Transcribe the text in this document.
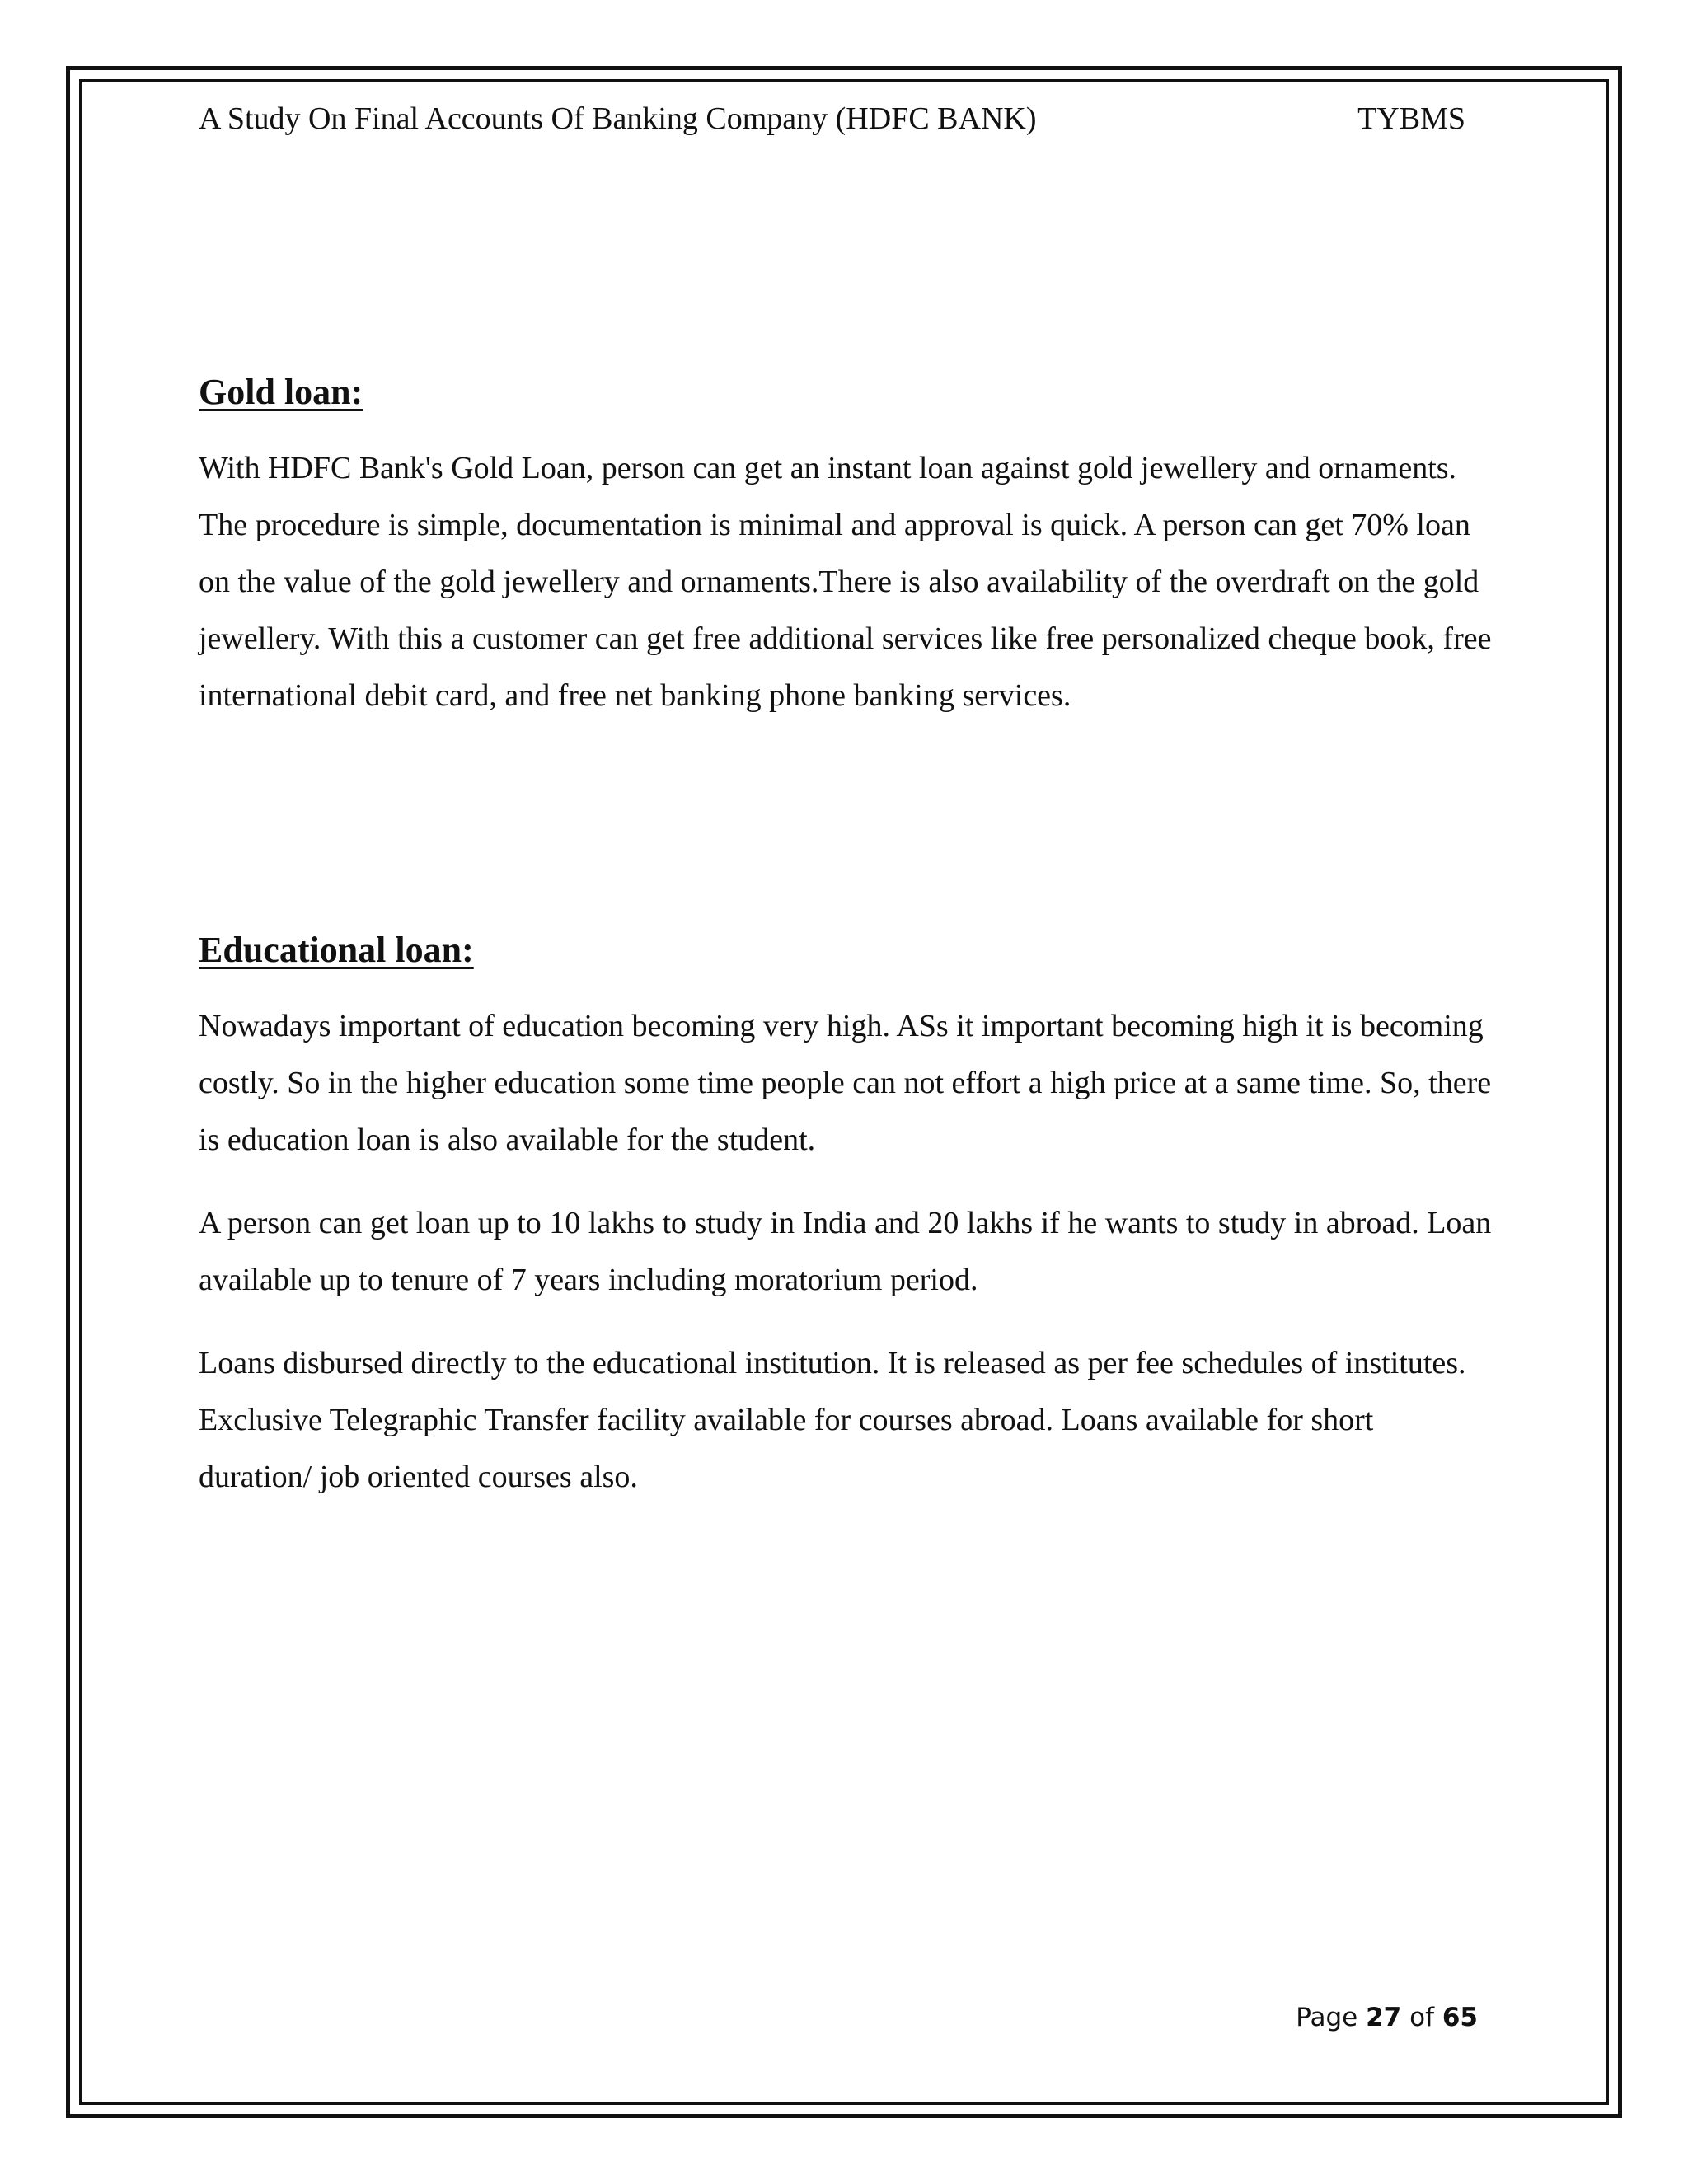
A Study On Final Accounts Of Banking Company (HDFC BANK)	TYBMS
Gold loan:

With HDFC Bank's Gold Loan, person can get an instant loan against gold jewellery and ornaments. The procedure is simple, documentation is minimal and approval is quick. A person can get 70% loan on the value of the gold jewellery and ornaments.There is also availability of the overdraft on the gold jewellery. With this a customer can get free additional services like free personalized cheque book, free international debit card, and free net banking phone banking services.

Educational loan:

Nowadays important of education becoming very high. ASs it important becoming high it is becoming costly. So in the higher education some time people can not effort a high price at a same time. So, there is education loan is also available for the student.

A person can get loan up to 10 lakhs to study in India and 20 lakhs if he wants to study in abroad. Loan available up to tenure of 7 years including moratorium period.

Loans disbursed directly to the educational institution. It is released as per fee schedules of institutes. Exclusive Telegraphic Transfer facility available for courses abroad. Loans available for short duration/ job oriented courses also.

Page 27 of 65
